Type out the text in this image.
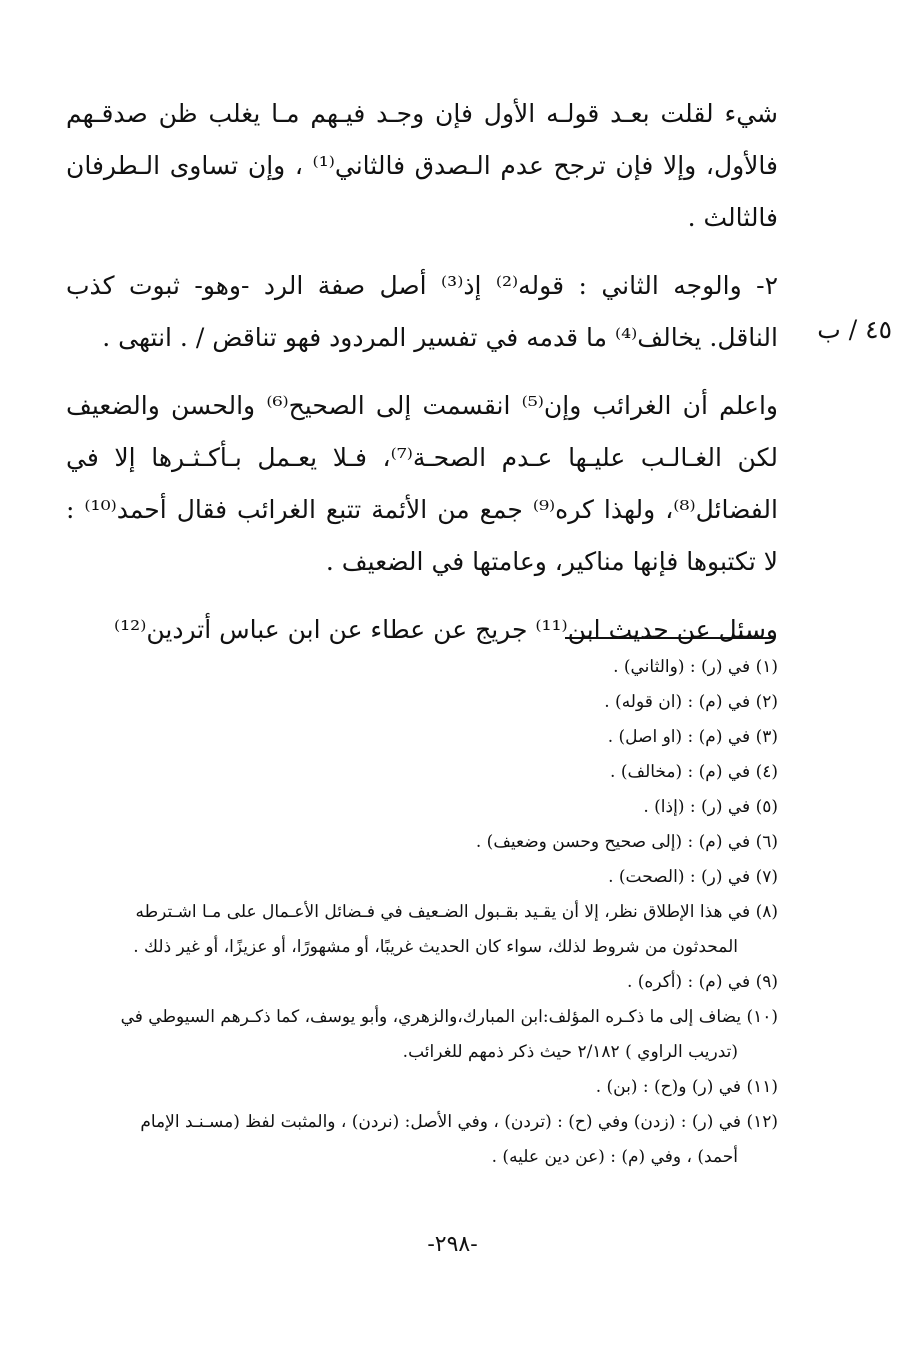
شيء لقلت بعـد قولـه الأول فإن وجـد فيـهم مـا يغلب ظن صدقـهم
فالأول، وإلا فإن ترجح عدم الـصدق فالثاني⁽¹⁾ ، وإن تساوى الـطرفان
فالثالث .
٢- والوجه الثاني : قوله⁽²⁾ إذ⁽³⁾ أصل صفة الرد -وهو- ثبوت كذب
الناقل. يخالف⁽⁴⁾ ما قدمه في تفسير المردود فهو تناقض / . انتهى .
واعلم أن الغرائب وإن⁽⁵⁾ انقسمت إلى الصحيح⁽⁶⁾ والحسن والضعيف
لكن الغـالـب عليـها عـدم الصحـة⁽⁷⁾، فـلا يعـمل بـأكـثـرها إلا في
الفضائل⁽⁸⁾، ولهذا كره⁽⁹⁾ جمع من الأئمة تتبع الغرائب فقال أحمد⁽¹⁰⁾ :
لا تكتبوها فإنها مناكير، وعامتها في الضعيف .
وسئل عن حديث ابن⁽¹¹⁾ جريج عن عطاء عن ابن عباس أتردين⁽¹²⁾
٤٥ / ب
(١) في (ر) : (والثاني) .
(٢) في (م) : (ان قوله) .
(٣) في (م) : (او اصل) .
(٤) في (م) : (مخالف) .
(٥) في (ر) : (إذا) .
(٦) في (م) : (إلى صحيح وحسن وضعيف) .
(٧) في (ر) : (الصحت) .
(٨) في هذا الإطلاق نظر، إلا أن يقـيد بقـبول الضـعيف في فـضائل الأعـمال على مـا اشـترطه
المحدثون من شروط لذلك، سواء كان الحديث غريبًا، أو مشهورًا، أو عزيزًا، أو غير ذلك .
(٩) في (م) : (أكره) .
(١٠) يضاف إلى ما ذكـره المؤلف:ابن المبارك،والزهري، وأبو يوسف، كما ذكـرهم السيوطي في
(تدريب الراوي ) ٢/١٨٢ حيث ذكر ذمهم للغرائب.
(١١) في (ر) و(ح) : (بن) .
(١٢) في (ر) : (زدن) وفي (ح) : (تردن) ، وفي الأصل: (نردن) ، والمثبت لفظ (مسـنـد الإمام
أحمد) ، وفي (م) : (عن دين عليه) .
-٢٩٨-
